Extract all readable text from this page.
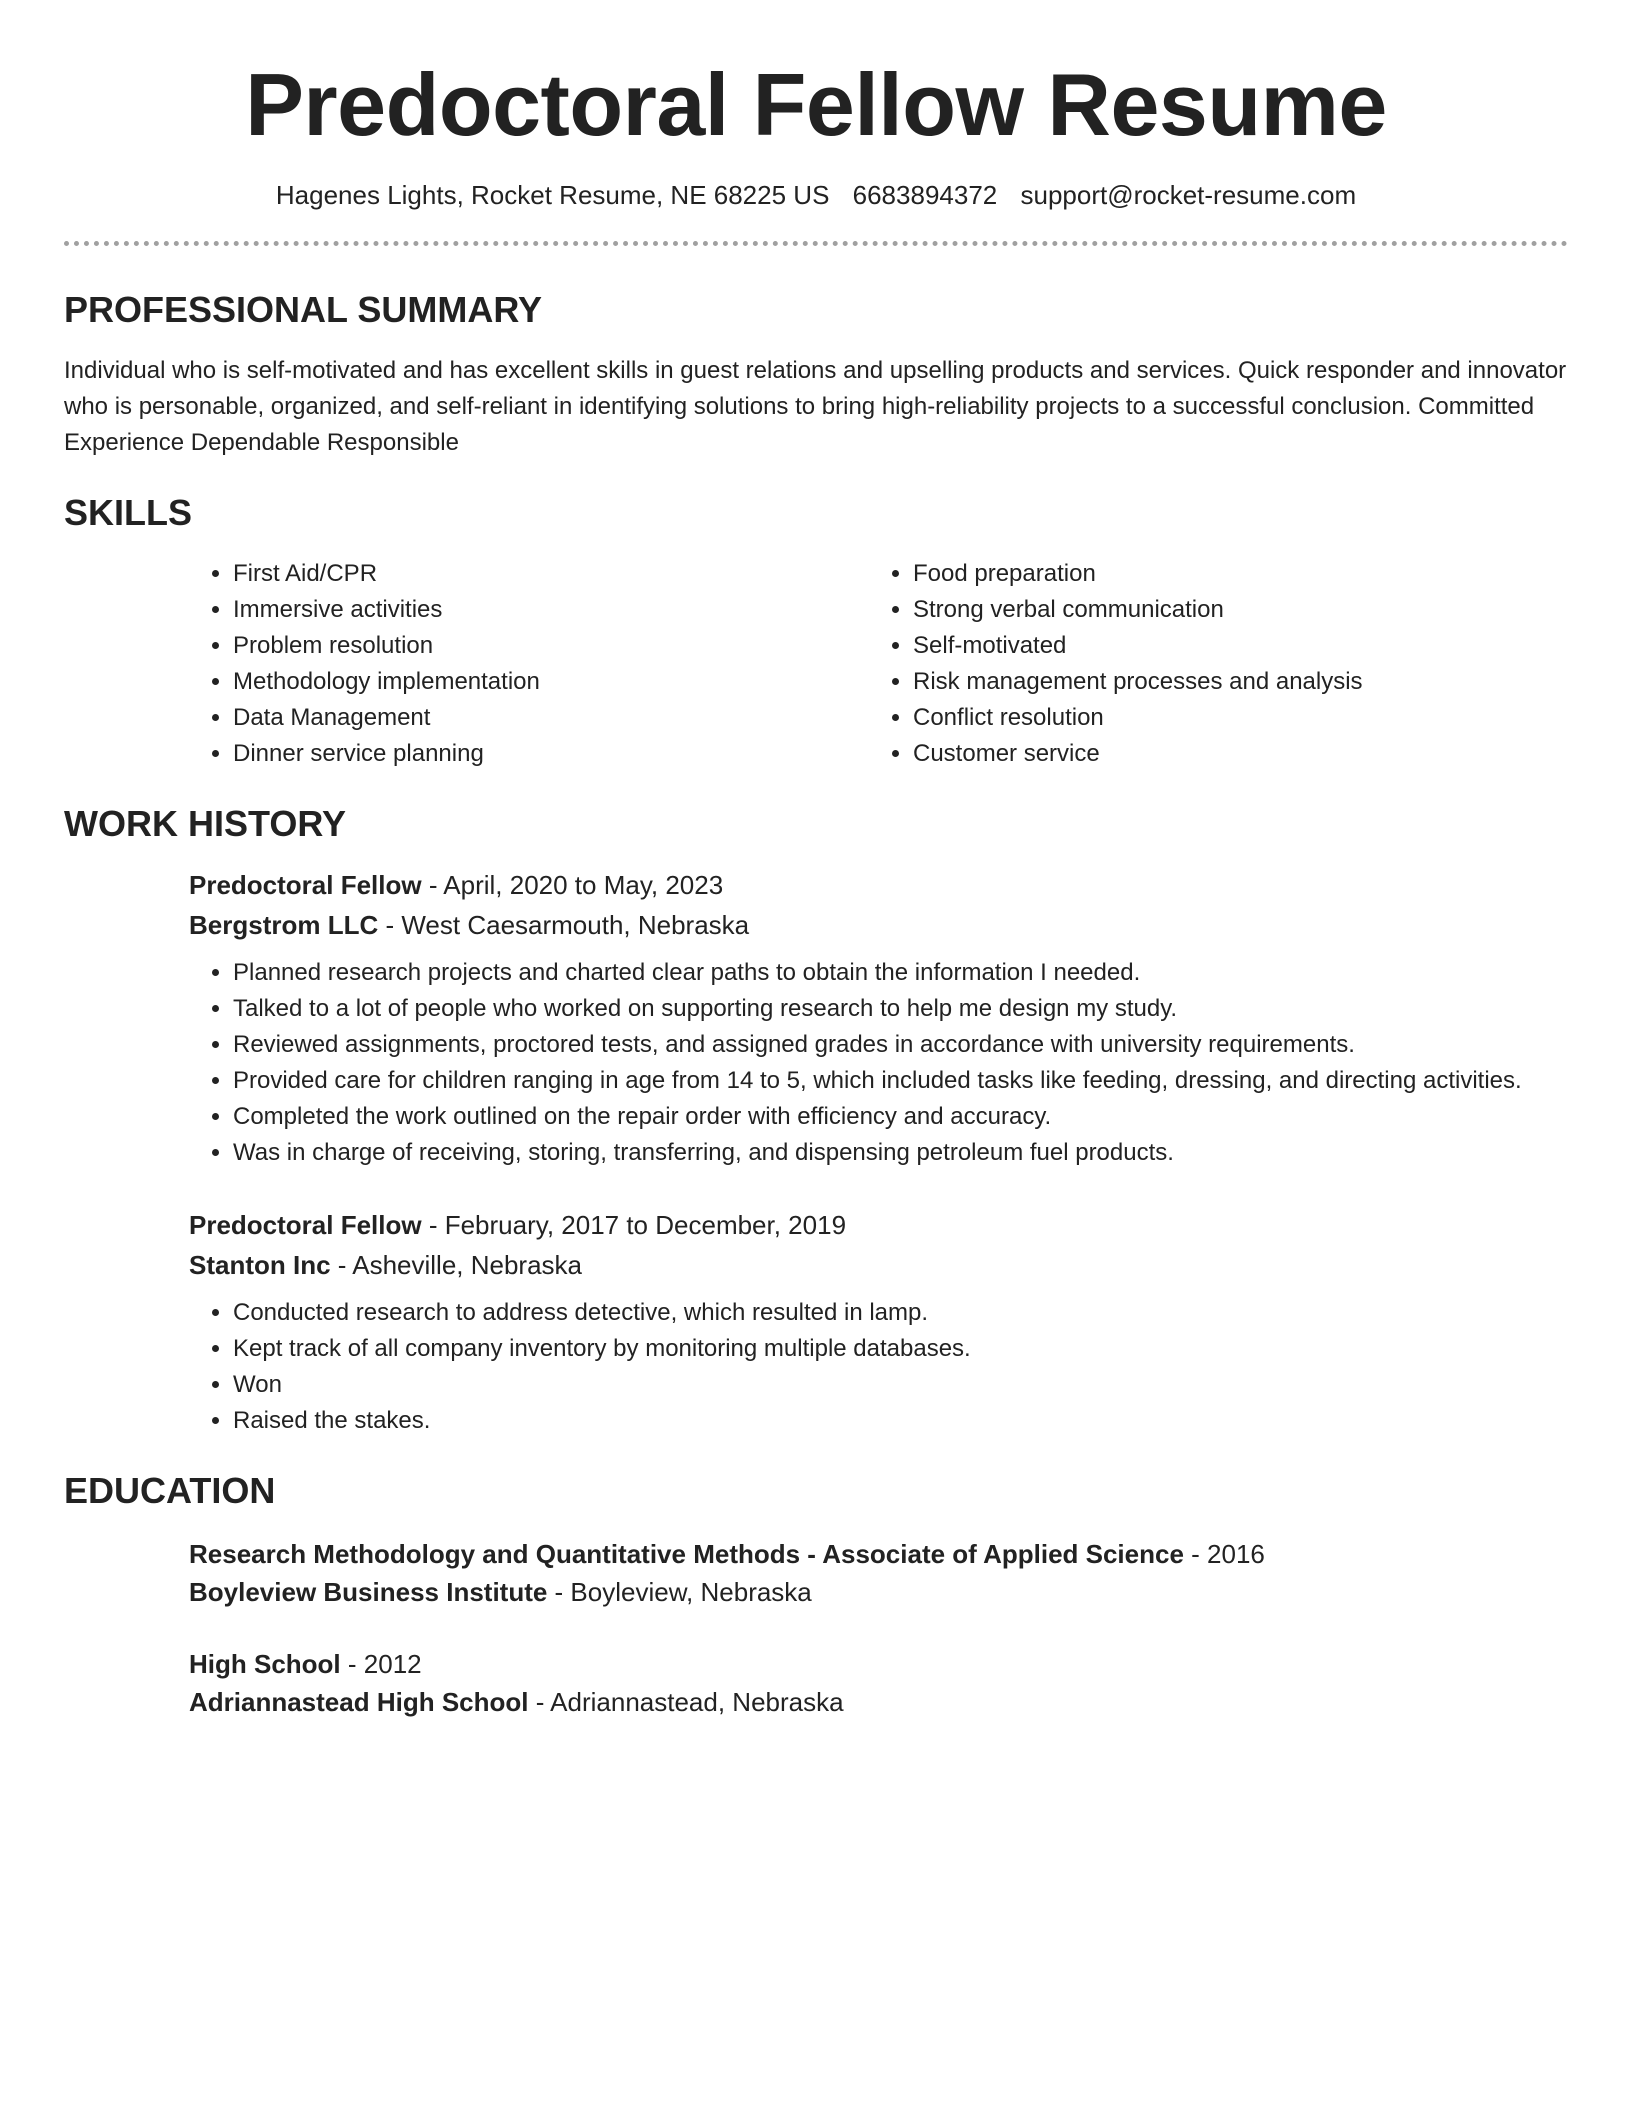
Predoctoral Fellow Resume
Hagenes Lights, Rocket Resume, NE 68225 US 6683894372 support@rocket-resume.com
PROFESSIONAL SUMMARY

Individual who is self-motivated and has excellent skills in guest relations and upselling products and services. Quick responder and innovator who is personable, organized, and self-reliant in identifying solutions to bring high-reliability projects to a successful conclusion. Committed Experience Dependable Responsible

SKILLS
• First Aid/CPR
• Immersive activities
• Problem resolution
• Methodology implementation
• Data Management
• Dinner service planning
• Food preparation
• Strong verbal communication
• Self-motivated
• Risk management processes and analysis
• Conflict resolution
• Customer service
WORK HISTORY
Predoctoral Fellow - April, 2020 to May, 2023
Bergstrom LLC - West Caesarmouth, Nebraska
• Planned research projects and charted clear paths to obtain the information I needed.
• Talked to a lot of people who worked on supporting research to help me design my study.
• Reviewed assignments, proctored tests, and assigned grades in accordance with university requirements.
• Provided care for children ranging in age from 14 to 5, which included tasks like feeding, dressing, and directing activities.
• Completed the work outlined on the repair order with efficiency and accuracy.
• Was in charge of receiving, storing, transferring, and dispensing petroleum fuel products.
Predoctoral Fellow - February, 2017 to December, 2019
Stanton Inc - Asheville, Nebraska
• Conducted research to address detective, which resulted in lamp.
• Kept track of all company inventory by monitoring multiple databases.
• Won
• Raised the stakes.
EDUCATION
Research Methodology and Quantitative Methods - Associate of Applied Science - 2016
Boyleview Business Institute - Boyleview, Nebraska
High School - 2012
Adriannastead High School - Adriannastead, Nebraska
